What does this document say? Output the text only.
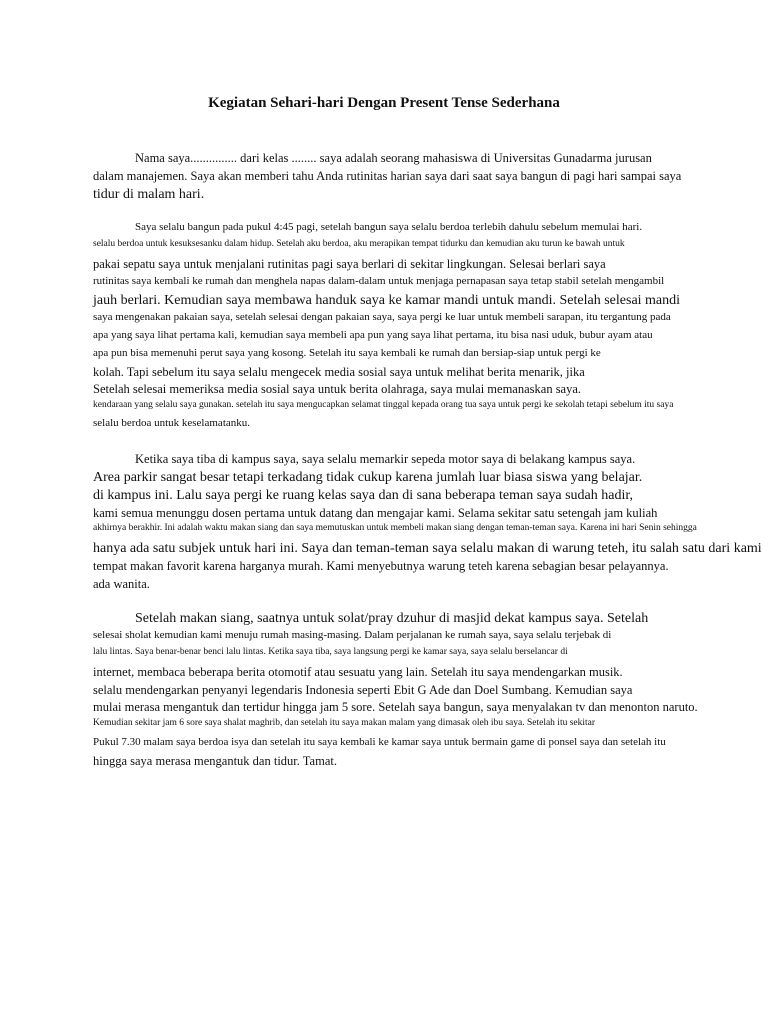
Kegiatan Sehari-hari Dengan Present Tense Sederhana
Nama saya............... dari kelas ........ saya adalah seorang mahasiswa di Universitas Gunadarma jurusan
dalam manajemen. Saya akan memberi tahu Anda rutinitas harian saya dari saat saya bangun di pagi hari sampai saya
tidur di malam hari.
Saya selalu bangun pada pukul 4:45 pagi, setelah bangun saya selalu berdoa terlebih dahulu sebelum memulai hari.
selalu berdoa untuk kesuksesanku dalam hidup. Setelah aku berdoa, aku merapikan tempat tidurku dan kemudian aku turun ke bawah untuk
pakai sepatu saya untuk menjalani rutinitas pagi saya berlari di sekitar lingkungan. Selesai berlari saya
rutinitas saya kembali ke rumah dan menghela napas dalam-dalam untuk menjaga pernapasan saya tetap stabil setelah mengambil
jauh berlari. Kemudian saya membawa handuk saya ke kamar mandi untuk mandi. Setelah selesai mandi
saya mengenakan pakaian saya, setelah selesai dengan pakaian saya, saya pergi ke luar untuk membeli sarapan, itu tergantung pada
apa yang saya lihat pertama kali, kemudian saya membeli apa pun yang saya lihat pertama, itu bisa nasi uduk, bubur ayam atau
apa pun bisa memenuhi perut saya yang kosong. Setelah itu saya kembali ke rumah dan bersiap-siap untuk pergi ke
kolah. Tapi sebelum itu saya selalu mengecek media sosial saya untuk melihat berita menarik, jika
Setelah selesai memeriksa media sosial saya untuk berita olahraga, saya mulai memanaskan saya.
kendaraan yang selalu saya gunakan. setelah itu saya mengucapkan selamat tinggal kepada orang tua saya untuk pergi ke sekolah tetapi sebelum itu saya
selalu berdoa untuk keselamatanku.
Ketika saya tiba di kampus saya, saya selalu memarkir sepeda motor saya di belakang kampus saya.
Area parkir sangat besar tetapi terkadang tidak cukup karena jumlah luar biasa siswa yang belajar.
di kampus ini. Lalu saya pergi ke ruang kelas saya dan di sana beberapa teman saya sudah hadir,
kami semua menunggu dosen pertama untuk datang dan mengajar kami. Selama sekitar satu setengah jam kuliah
akhirnya berakhir. Ini adalah waktu makan siang dan saya memutuskan untuk membeli makan siang dengan teman-teman saya. Karena ini hari Senin sehingga
hanya ada satu subjek untuk hari ini. Saya dan teman-teman saya selalu makan di warung teteh, itu salah satu dari kami
tempat makan favorit karena harganya murah. Kami menyebutnya warung teteh karena sebagian besar pelayannya.
ada wanita.
Setelah makan siang, saatnya untuk solat/pray dzuhur di masjid dekat kampus saya. Setelah
selesai sholat kemudian kami menuju rumah masing-masing. Dalam perjalanan ke rumah saya, saya selalu terjebak di
lalu lintas. Saya benar-benar benci lalu lintas. Ketika saya tiba, saya langsung pergi ke kamar saya, saya selalu berselancar di
internet, membaca beberapa berita otomotif atau sesuatu yang lain. Setelah itu saya mendengarkan musik.
selalu mendengarkan penyanyi legendaris Indonesia seperti Ebit G Ade dan Doel Sumbang. Kemudian saya
mulai merasa mengantuk dan tertidur hingga jam 5 sore. Setelah saya bangun, saya menyalakan tv dan menonton naruto.
Kemudian sekitar jam 6 sore saya shalat maghrib, dan setelah itu saya makan malam yang dimasak oleh ibu saya. Setelah itu sekitar
Pukul 7.30 malam saya berdoa isya dan setelah itu saya kembali ke kamar saya untuk bermain game di ponsel saya dan setelah itu
hingga saya merasa mengantuk dan tidur. Tamat.
